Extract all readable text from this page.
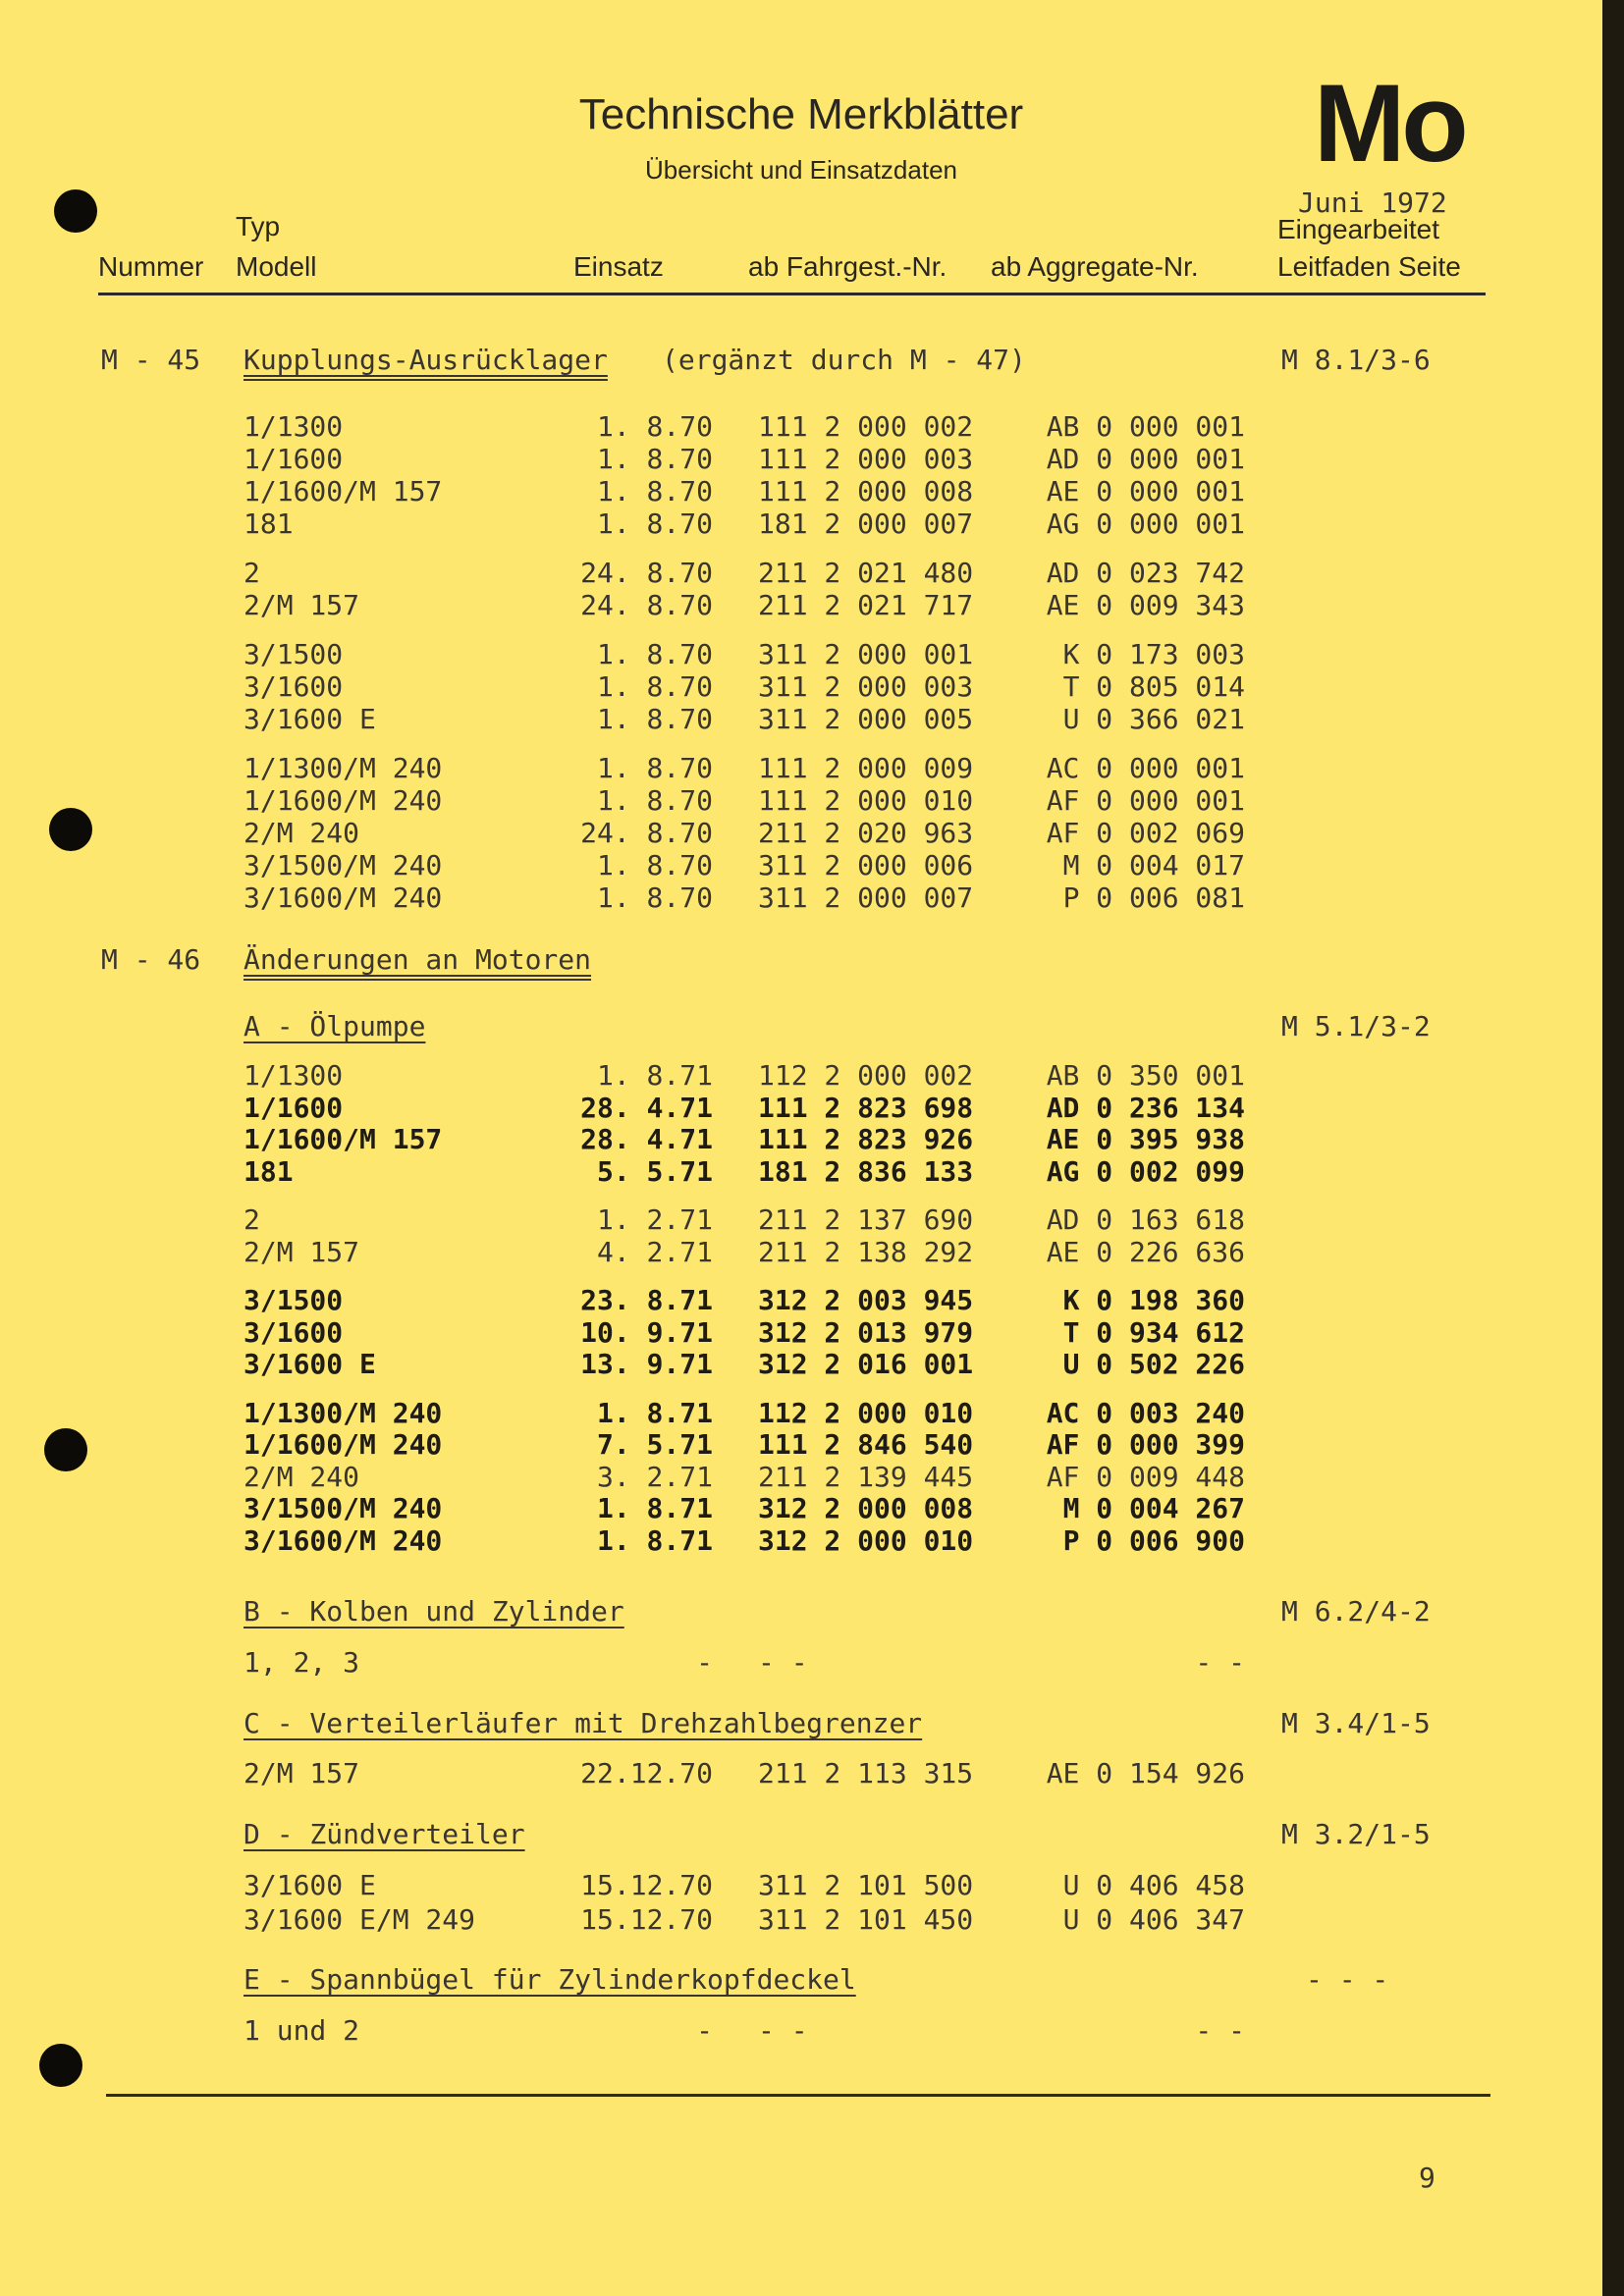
Technische Merkblätter
Übersicht und Einsatzdaten	Mo
Juni 1972
Typ	Eingearbeitet
Nummer Modell	Einsatz	ab Fahrgest.-Nr. ab Aggregate-Nr.	Leitfaden Seite
M - 45 Kupplungs-Ausrücklager (ergänzt durch M - 47)	M 8.1/3-6
1/1300	1. 8.70 111 2 000 002	AB 0 000 001
1/1600	1. 8.70 111 2 000 003	AD 0 000 001
1/1600/M 157	1. 8.70 111 2 000 008	AE 0 000 001
181	1. 8.70 181 2 000 007	AG 0 000 001
2	24. 8.70 211 2 021 480	AD 0 023 742
2/M 157	24. 8.70 211 2 021 717	AE 0 009 343
3/1500	1. 8.70 311 2 000 001	K 0 173 003
3/1600	1. 8.70 311 2 000 003	T 0 805 014
3/1600 E	1. 8.70 311 2 000 005	U 0 366 021
1/1300/M 240	1. 8.70 111 2 000 009	AC 0 000 001
1/1600/M 240	1. 8.70 111 2 000 010	AF 0 000 001
2/M 240	24. 8.70 211 2 020 963	AF 0 002 069
3/1500/M 240	1. 8.70 311 2 000 006	M 0 004 017
3/1600/M 240	1. 8.70 311 2 000 007	P 0 006 081
M - 46 Änderungen an Motoren
A - Ölpumpe	M 5.1/3-2
1/1300	1. 8.71 112 2 000 002	AB 0 350 001
1/1600	28. 4.71 111 2 823 698	AD 0 236 134
1/1600/M 157	28. 4.71 111 2 823 926	AE 0 395 938
181	5. 5.71 181 2 836 133	AG 0 002 099
2	1. 2.71 211 2 137 690	AD 0 163 618
2/M 157	4. 2.71 211 2 138 292	AE 0 226 636
3/1500	23. 8.71 312 2 003 945	K 0 198 360
3/1600	10. 9.71 312 2 013 979	T 0 934 612
3/1600 E	13. 9.71 312 2 016 001	U 0 502 226
1/1300/M 240	1. 8.71 112 2 000 010	AC 0 003 240
1/1600/M 240	7. 5.71 111 2 846 540	AF 0 000 399
2/M 240	3. 2.71 211 2 139 445	AF 0 009 448
3/1500/M 240	1. 8.71 312 2 000 008	M 0 004 267
3/1600/M 240	1. 8.71 312 2 000 010	P 0 006 900
B - Kolben und Zylinder	M 6.2/4-2
1, 2, 3	- - -	- -
C - Verteilerläufer mit Drehzahlbegrenzer	M 3.4/1-5
2/M 157	22.12.70 211 2 113 315	AE 0 154 926
D - Zündverteiler	M 3.2/1-5
3/1600 E	15.12.70 311 2 101 500	U 0 406 458
3/1600 E/M 249	15.12.70 311 2 101 450	U 0 406 347
E - Spannbügel für Zylinderkopfdeckel	- - -
1 und 2	- - -	- -
9
